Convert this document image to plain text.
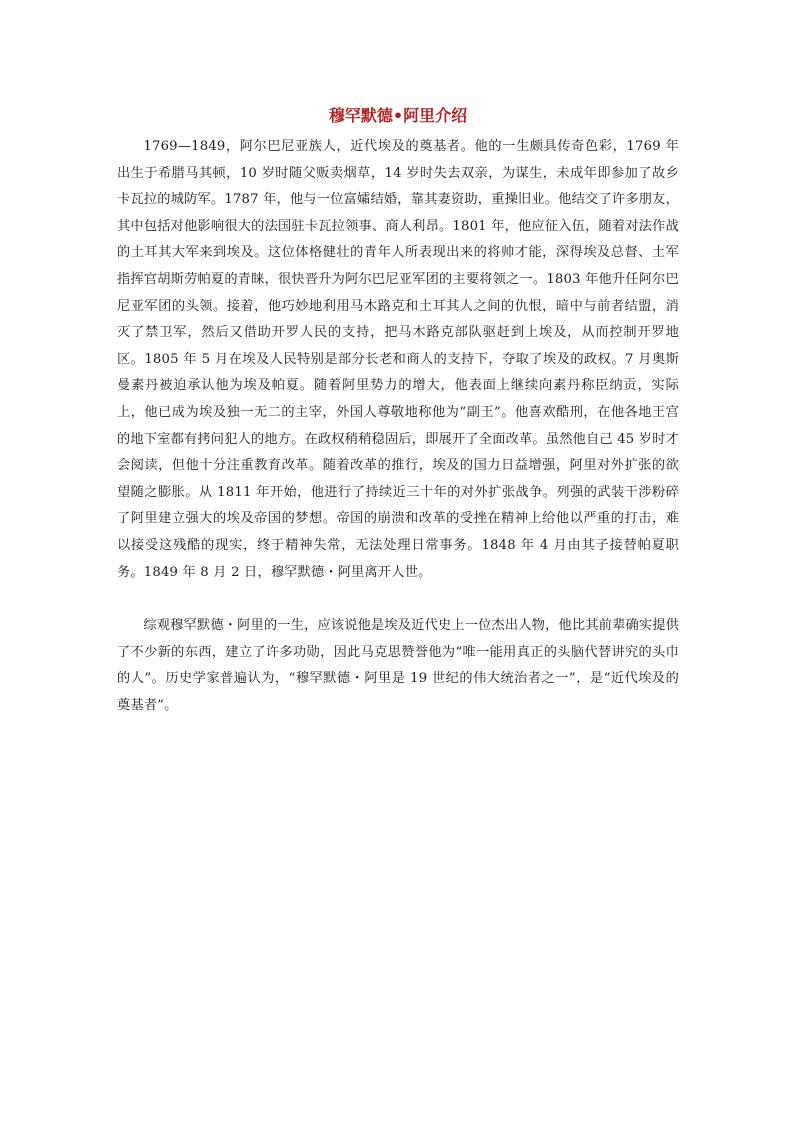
穆罕默德•阿里介绍

1769—1849，阿尔巴尼亚族人，近代埃及的奠基者。他的一生颇具传奇色彩，1769 年出生于希腊马其顿，10 岁时随父贩卖烟草，14 岁时失去双亲，为谋生，未成年即参加了故乡卡瓦拉的城防军。1787 年，他与一位富孀结婚，靠其妻资助，重操旧业。他结交了许多朋友，其中包括对他影响很大的法国驻卡瓦拉领事、商人利昂。1801 年，他应征入伍，随着对法作战的土耳其大军来到埃及。这位体格健壮的青年人所表现出来的将帅才能，深得埃及总督、土军指挥官胡斯劳帕夏的青睐，很快晋升为阿尔巴尼亚军团的主要将领之一。1803 年他升任阿尔巴尼亚军团的头领。接着，他巧妙地利用马木路克和土耳其人之间的仇恨，暗中与前者结盟，消灭了禁卫军，然后又借助开罗人民的支持，把马木路克部队驱赶到上埃及，从而控制开罗地区。1805 年 5 月在埃及人民特别是部分长老和商人的支持下，夺取了埃及的政权。7 月奥斯曼素丹被迫承认他为埃及帕夏。随着阿里势力的增大，他表面上继续向素丹称臣纳贡，实际上，他已成为埃及独一无二的主宰，外国人尊敬地称他为“副王”。他喜欢酷刑，在他各地王宫的地下室都有拷问犯人的地方。在政权稍稍稳固后，即展开了全面改革。虽然他自己 45 岁时才会阅读，但他十分注重教育改革。随着改革的推行，埃及的国力日益增强，阿里对外扩张的欲望随之膨胀。从 1811 年开始，他进行了持续近三十年的对外扩张战争。列强的武装干涉粉碎了阿里建立强大的埃及帝国的梦想。帝国的崩溃和改革的受挫在精神上给他以严重的打击，难以接受这残酷的现实，终于精神失常，无法处理日常事务。1848 年 4 月由其子接替帕夏职务。1849 年 8 月 2 日，穆罕默德・阿里离开人世。

综观穆罕默德・阿里的一生，应该说他是埃及近代史上一位杰出人物，他比其前辈确实提供了不少新的东西，建立了许多功勋，因此马克思赞誉他为“唯一能用真正的头脑代替讲究的头巾的人”。历史学家普遍认为，“穆罕默德・阿里是 19 世纪的伟大统治者之一”，是“近代埃及的奠基者”。
